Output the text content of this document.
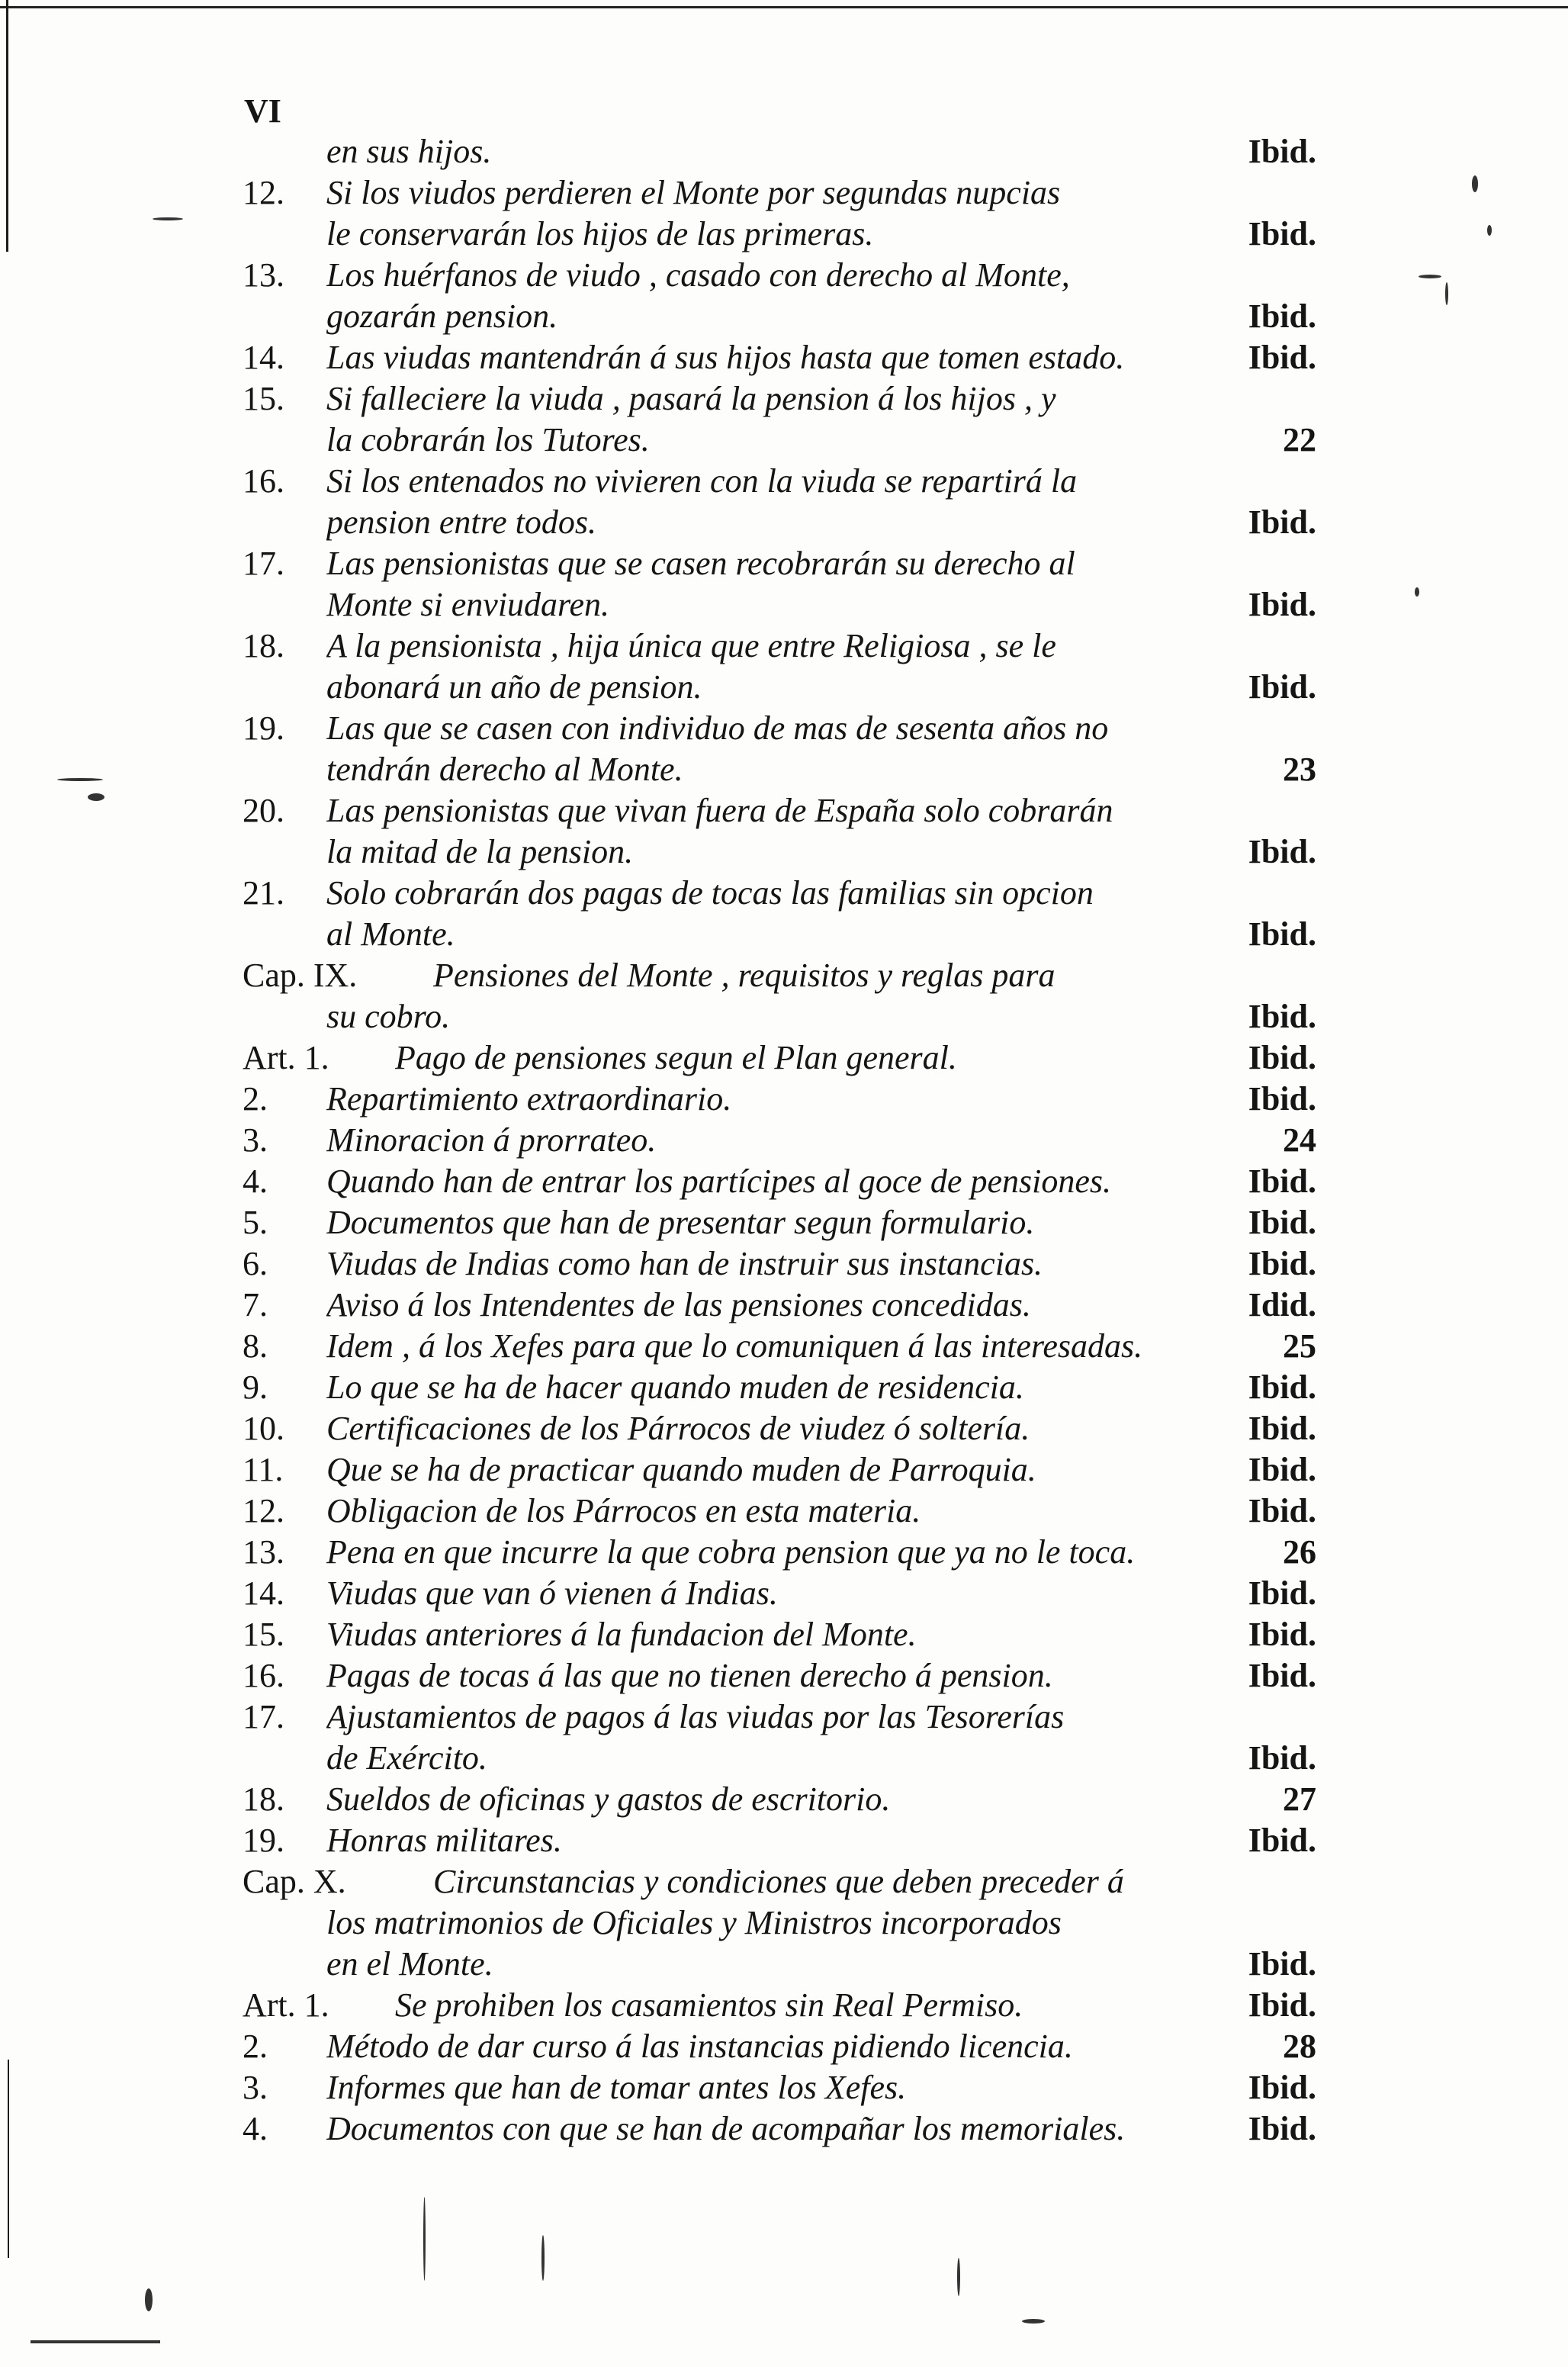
VI
en sus hijos.	Ibid.
12.	Si los viudos perdieren el Monte por segundas nupcias
le conservarán los hijos de las primeras.	Ibid.
13.	Los huérfanos de viudo , casado con derecho al Monte,
gozarán pension.	Ibid.
14.	Las viudas mantendrán á sus hijos hasta que tomen estado.	Ibid.
15.	Si falleciere la viuda , pasará la pension á los hijos , y
la cobrarán los Tutores.	22
16.	Si los entenados no vivieren con la viuda se repartirá la
pension entre todos.	Ibid.
17.	Las pensionistas que se casen recobrarán su derecho al
Monte si enviudaren.	Ibid.
18.	A la pensionista , hija única que entre Religiosa , se le
abonará un año de pension.	Ibid.
19.	Las que se casen con individuo de mas de sesenta años no
tendrán derecho al Monte.	23
20.	Las pensionistas que vivan fuera de España solo cobrarán
la mitad de la pension.	Ibid.
21.	Solo cobrarán dos pagas de tocas las familias sin opcion
al Monte.	Ibid.
Cap. IX.	Pensiones del Monte , requisitos y reglas para
su cobro.	Ibid.
Art. 1.	Pago de pensiones segun el Plan general.	Ibid.
2.	Repartimiento extraordinario.	Ibid.
3.	Minoracion á prorrateo.	24
4.	Quando han de entrar los partícipes al goce de pensiones.	Ibid.
5.	Documentos que han de presentar segun formulario.	Ibid.
6.	Viudas de Indias como han de instruir sus instancias.	Ibid.
7.	Aviso á los Intendentes de las pensiones concedidas.	Idid.
8.	Idem , á los Xefes para que lo comuniquen á las interesadas.	25
9.	Lo que se ha de hacer quando muden de residencia.	Ibid.
10.	Certificaciones de los Párrocos de viudez ó soltería.	Ibid.
11.	Que se ha de practicar quando muden de Parroquia.	Ibid.
12.	Obligacion de los Párrocos en esta materia.	Ibid.
13.	Pena en que incurre la que cobra pension que ya no le toca.	26
14.	Viudas que van ó vienen á Indias.	Ibid.
15.	Viudas anteriores á la fundacion del Monte.	Ibid.
16.	Pagas de tocas á las que no tienen derecho á pension.	Ibid.
17.	Ajustamientos de pagos á las viudas por las Tesorerías
de Exército.	Ibid.
18.	Sueldos de oficinas y gastos de escritorio.	27
19.	Honras militares.	Ibid.
Cap. X.	Circunstancias y condiciones que deben preceder á
los matrimonios de Oficiales y Ministros incorporados
en el Monte.	Ibid.
Art. 1.	Se prohiben los casamientos sin Real Permiso.	Ibid.
2.	Método de dar curso á las instancias pidiendo licencia.	28
3.	Informes que han de tomar antes los Xefes.	Ibid.
4.	Documentos con que se han de acompañar los memoriales.	Ibid.
